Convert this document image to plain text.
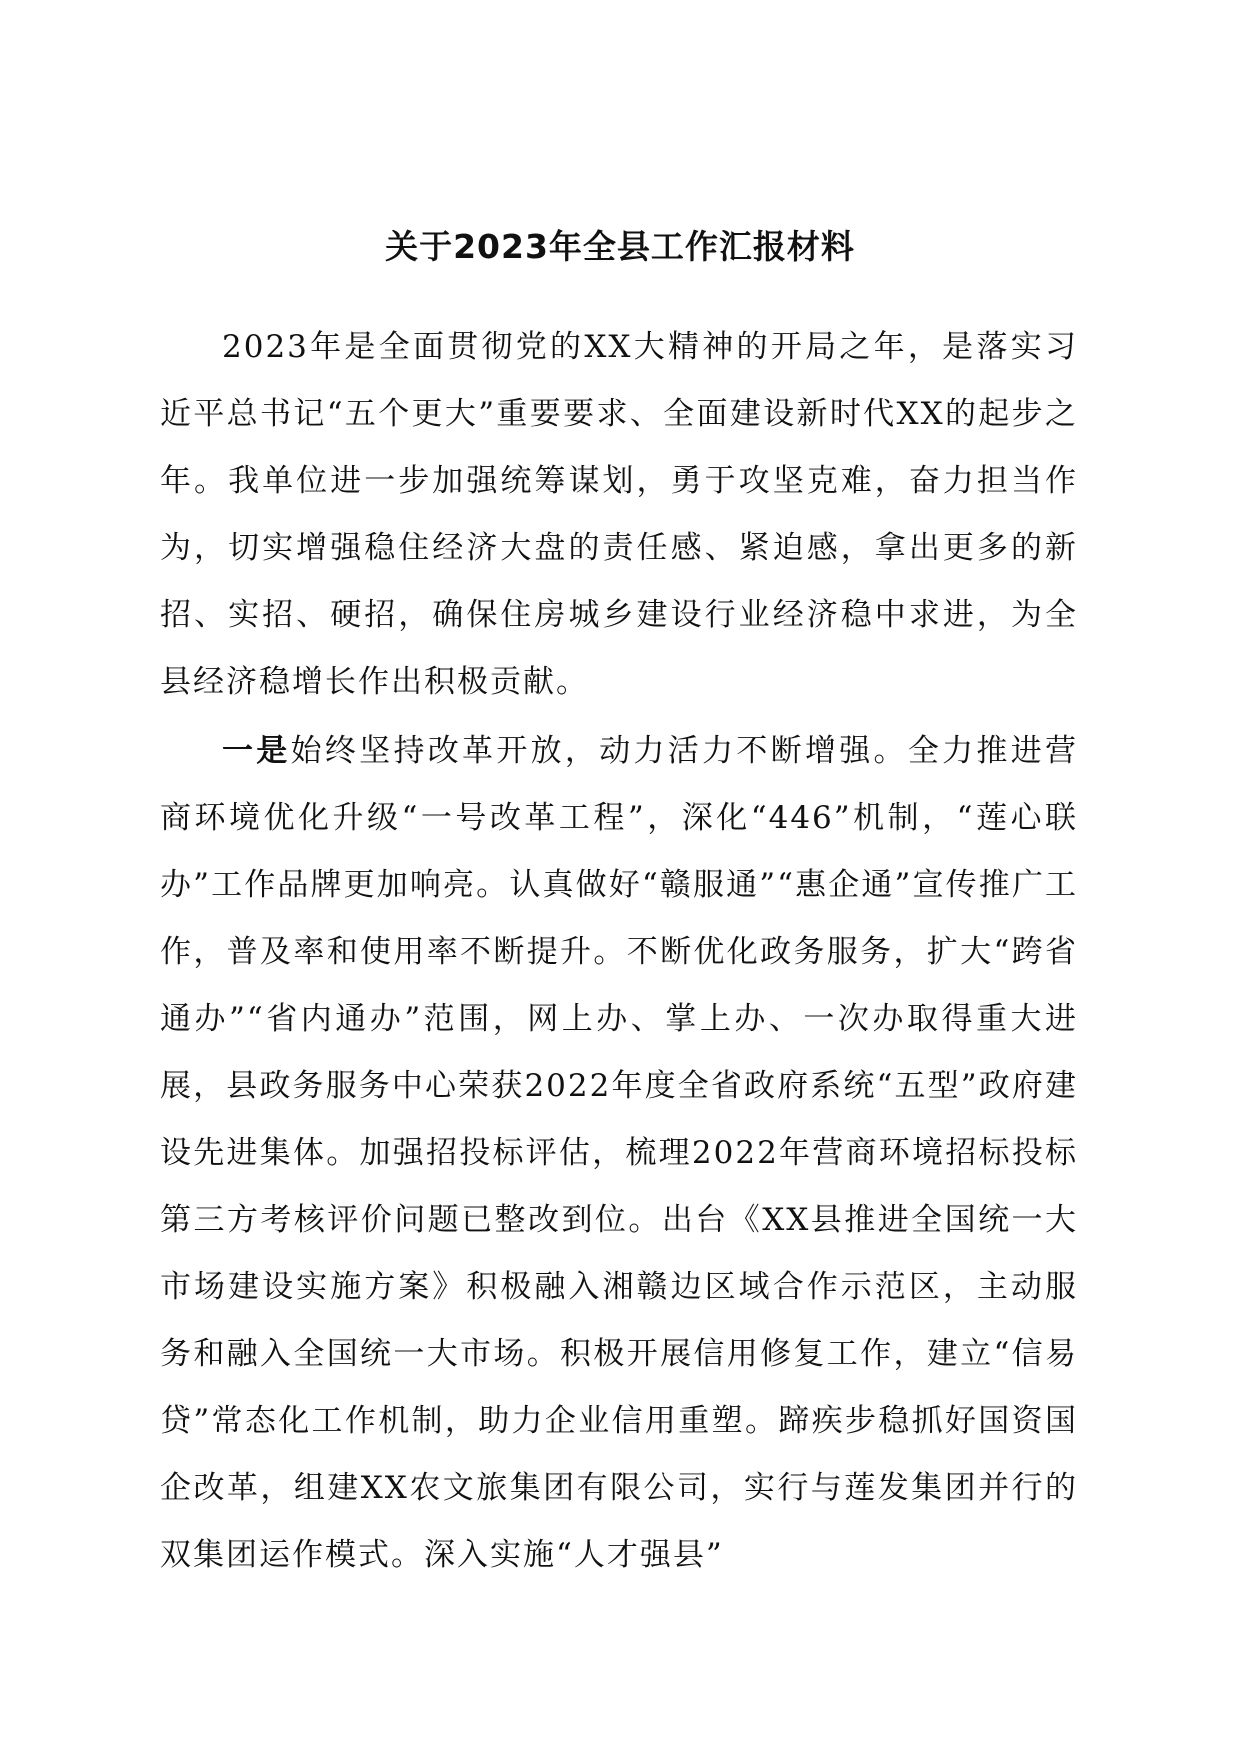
关于2023年全县工作汇报材料

2023年是全面贯彻党的XX大精神的开局之年，是落实习近平总书记“五个更大”重要要求、全面建设新时代XX的起步之年。我单位进一步加强统筹谋划，勇于攻坚克难，奋力担当作为，切实增强稳住经济大盘的责任感、紧迫感，拿出更多的新招、实招、硬招，确保住房城乡建设行业经济稳中求进，为全县经济稳增长作出积极贡献。

一是始终坚持改革开放，动力活力不断增强。全力推进营商环境优化升级“一号改革工程”，深化“446”机制，“莲心联办”工作品牌更加响亮。认真做好“赣服通”“惠企通”宣传推广工作，普及率和使用率不断提升。不断优化政务服务，扩大“跨省通办”“省内通办”范围，网上办、掌上办、一次办取得重大进展，县政务服务中心荣获2022年度全省政府系统“五型”政府建设先进集体。加强招投标评估，梳理2022年营商环境招标投标第三方考核评价问题已整改到位。出台《XX县推进全国统一大市场建设实施方案》积极融入湘赣边区域合作示范区，主动服务和融入全国统一大市场。积极开展信用修复工作，建立“信易贷”常态化工作机制，助力企业信用重塑。蹄疾步稳抓好国资国企改革，组建XX农文旅集团有限公司，实行与莲发集团并行的双集团运作模式。深入实施“人才强县”
